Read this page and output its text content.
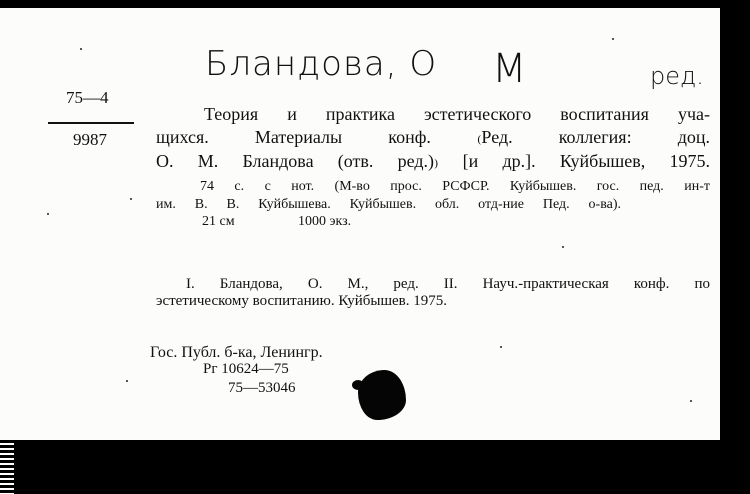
Бландова, О М	ред.
75—4
9987
Теория и практика эстетического воспитания уча-
щихся. Материалы конф. ₍Ред. коллегия: доц.
О. М. Бландова (отв. ред.)₎ [и др.]. Куйбышев, 1975.
74 с. с нот. (М-во прос. РСФСР. Куйбышев. гос. пед. ин-т
им. В. В. Куйбышева. Куйбышев. обл. отд-ние Пед. о-ва).
21 см	1000 экз.
I. Бландова, О. М., ред. II. Науч.-практическая конф. по
эстетическому воспитанию. Куйбышев. 1975.
Гос. Публ. б-ка, Ленингр.
Рг 10624—75
75—53046
